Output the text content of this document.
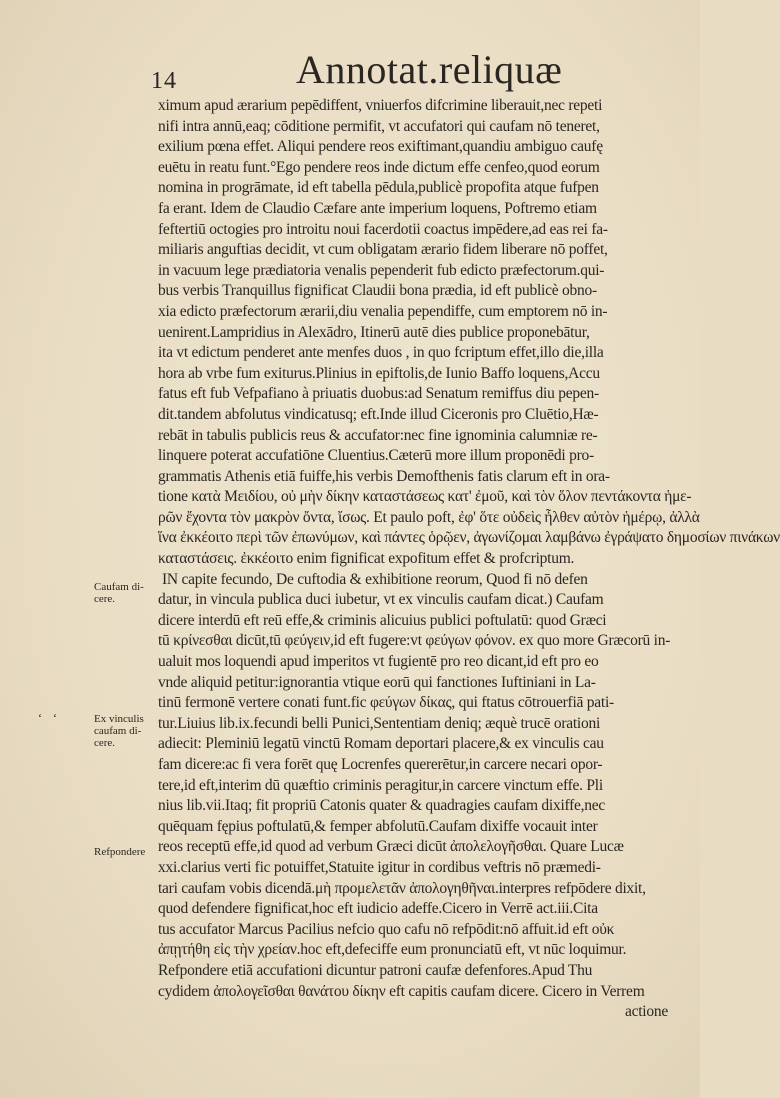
14	Annotat.reliquæ
Caufam di-
cere.
‘ ‘	Ex vinculis
caufam di-
cere.
Refpondere
ximum apud ærarium pepēdiffent, vniuerfos difcrimine liberauit,nec repeti
nifi intra annū,eaq; cōditione permifit, vt accufatori qui caufam nō teneret,
exilium pœna effet. Aliqui pendere reos exiftimant,quandiu ambiguo caufę
euētu in reatu funt.°Ego pendere reos inde dictum effe cenfeo,quod eorum
nomina in progrāmate, id eft tabella pēdula,publicè propofita atque fufpen
fa erant. Idem de Claudio Cæfare ante imperium loquens, Poftremo etiam
feftertiū octogies pro introitu noui facerdotii coactus impēdere,ad eas rei fa-
miliaris anguftias decidit, vt cum obligatam ærario fidem liberare nō poffet,
in vacuum lege prædiatoria venalis pependerit fub edicto præfectorum.qui-
bus verbis Tranquillus fignificat Claudii bona prædia, id eft publicè obno-
xia edicto præfectorum ærarii,diu venalia pependiffe, cum emptorem nō in-
uenirent.Lampridius in Alexādro, Itinerū autē dies publice proponebātur,
ita vt edictum penderet ante menfes duos , in quo fcriptum effet,illo die,illa
hora ab vrbe fum exiturus.Plinius in epiftolis,de Iunio Baffo loquens,Accu
fatus eft fub Vefpafiano à priuatis duobus:ad Senatum remiffus diu pepen-
dit.tandem abfolutus vindicatusq; eft.Inde illud Ciceronis pro Cluētio,Hæ-
rebāt in tabulis publicis reus & accufator:nec fine ignominia calumniæ re-
linquere poterat accufatiōne Cluentius.Cæterū more illum proponēdi pro-
grammatis Athenis etiā fuiffe,his verbis Demofthenis fatis clarum eft in ora-
tione κατὰ Μειδίου, οὐ μὴν δίκην καταστάσεως κατ' ἐμοῦ, καὶ τὸν ὅλον πεντάκοντα ἡμε-
ρῶν ἔχοντα τὸν μακρὸν ὄντα, ἴσως. Et paulo poft, ἐφ' ὅτε οὐδεὶς ἦλθεν αὐτὸν ἡμέρῳ, ἀλλὰ
ἵνα ἐκκέοιτο περὶ τῶν ἐπωνύμων, καὶ πάντες ὁρῷεν, ἀγωνίζομαι λαμβάνω ἐγράψατο δημοσίων πινάκων
καταστάσεις. ἐκκέοιτο enim fignificat expofitum effet & profcriptum.
IN capite fecundo, De cuftodia & exhibitione reorum, Quod fi nō defen
datur, in vincula publica duci iubetur, vt ex vinculis caufam dicat.) Caufam
dicere interdū eft reū effe,& criminis alicuius publici poftulatū: quod Græci
tū κρίνεσθαι dicūt,tū φεύγειν,id eft fugere:vt φεύγων φόνον. ex quo more Græcorū in-
ualuit mos loquendi apud imperitos vt fugientē pro reo dicant,id eft pro eo
vnde aliquid petitur:ignorantia vtique eorū qui fanctiones Iuftiniani in La-
tinū fermonē vertere conati funt.fic φεύγων δίκας, qui ftatus cōtrouerfiā pati-
tur.Liuius lib.ix.fecundi belli Punici,Sententiam deniq; æquè trucē orationi
adiecit: Pleminiū legatū vinctū Romam deportari placere,& ex vinculis cau
fam dicere:ac fi vera forēt quę Locrenfes quererētur,in carcere necari opor-
tere,id eft,interim dū quæftio criminis peragitur,in carcere vinctum effe. Pli
nius lib.vii.Itaq; fit propriū Catonis quater & quadragies caufam dixiffe,nec
quēquam fępius poftulatū,& femper abfolutū.Caufam dixiffe vocauit inter
reos receptū effe,id quod ad verbum Græci dicūt ἀπολελογῆσθαι. Quare Lucæ
xxi.clarius verti fic potuiffet,Statuite igitur in cordibus veftris nō præmedi-
tari caufam vobis dicendā.μὴ προμελετᾶν ἀπολογηθῆναι.interpres refpōdere dixit,
quod defendere fignificat,hoc eft iudicio adeffe.Cicero in Verrē act.iii.Cita
tus accufator Marcus Pacilius nefcio quo cafu nō refpōdit:nō affuit.id eft οὐκ
ἀπῃτήθη εἰς τὴν χρείαν.hoc eft,defeciffe eum pronunciatū eft, vt nūc loquimur.
Refpondere etiā accufationi dicuntur patroni caufæ defenfores.Apud Thu
cydidem ἀπολογεῖσθαι θανάτου δίκην eft capitis caufam dicere. Cicero in Verrem
actione
